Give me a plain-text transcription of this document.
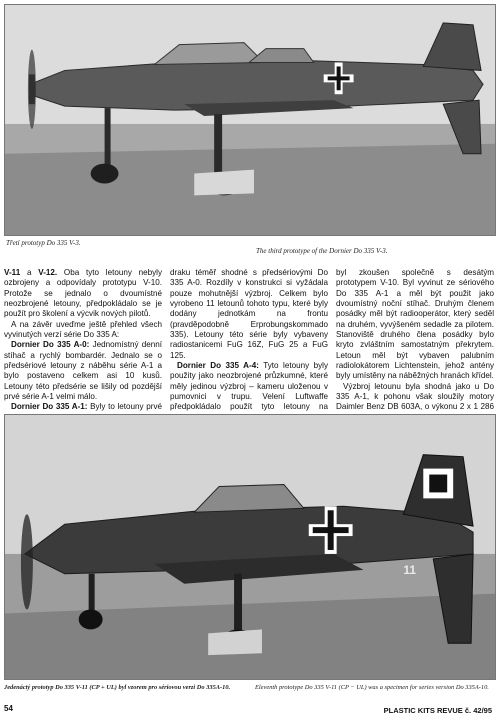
Třetí prototyp Do 335 V-3.
The third prototype of the Dornier Do 335 V-3.

V-11 a V-12. Oba tyto letouny nebyly ozbrojeny a odpovídaly prototypu V-10. Protože se jednalo o dvoumístné neozbrojené letouny, předpokládalo se je použít pro školení a výcvik nových pilotů.

A na závěr uveďme ještě přehled všech vyvinutých verzí série Do 335 A:

Dornier Do 335 A-0: Jednomístný denní stíhač a rychlý bombardér. Jednalo se o předsériové letouny z náběhu série A-1 a bylo postaveno celkem asi 10 kusů. Letouny této předsérie se lišily od pozdější prvé série A-1 velmi málo.

Dornier Do 335 A-1: Byly to letouny prvé

draku téměř shodné s předsériovými Do 335 A-0. Rozdíly v konstrukci si vyžádala pouze mohutnější výzbroj. Celkem bylo vyrobeno 11 letounů tohoto typu, které byly dodány jednotkám na frontu (pravděpodobně Erprobungskommado 335). Letouny této série byly vybaveny radiostanicemi FuG 16Z, FuG 25 a FuG 125.

Dornier Do 335 A-4: Tyto letouny byly použity jako neozbrojené průzkumné, které měly jedinou výzbroj – kameru uloženou v pumovnici v trupu. Velení Luftwaffe předpokládalo použít tyto letouny na

byl zkoušen společně s desátým prototypem V-10. Byl vyvinut ze sériového Do 335 A-1 a měl být použit jako dvoumístný noční stíhač. Druhým členem posádky měl být radiooperátor, který seděl na druhém, vyvýšeném sedadle za pilotem. Stanoviště druhého člena posádky bylo kryto zvláštním samostatným překrytem. Letoun měl být vybaven palubním radiolokátorem Lichtenstein, jehož antény byly umístěny na náběžných hranách křídel.

Výzbroj letounu byla shodná jako u Do 335 A-1, k pohonu však sloužily motory Daimler Benz DB 603A, o výkonu 2 x 1 286

11
Jedenáctý prototyp Do 335 V-11 (CP + UL) byl vzorem pro sériovou verzi Do 335A-10.	Eleventh prototype Do 335 V-11 (CP − UL) was a specimen for series version Do 335A-10.
54	PLASTIC KITS REVUE č. 42/95
